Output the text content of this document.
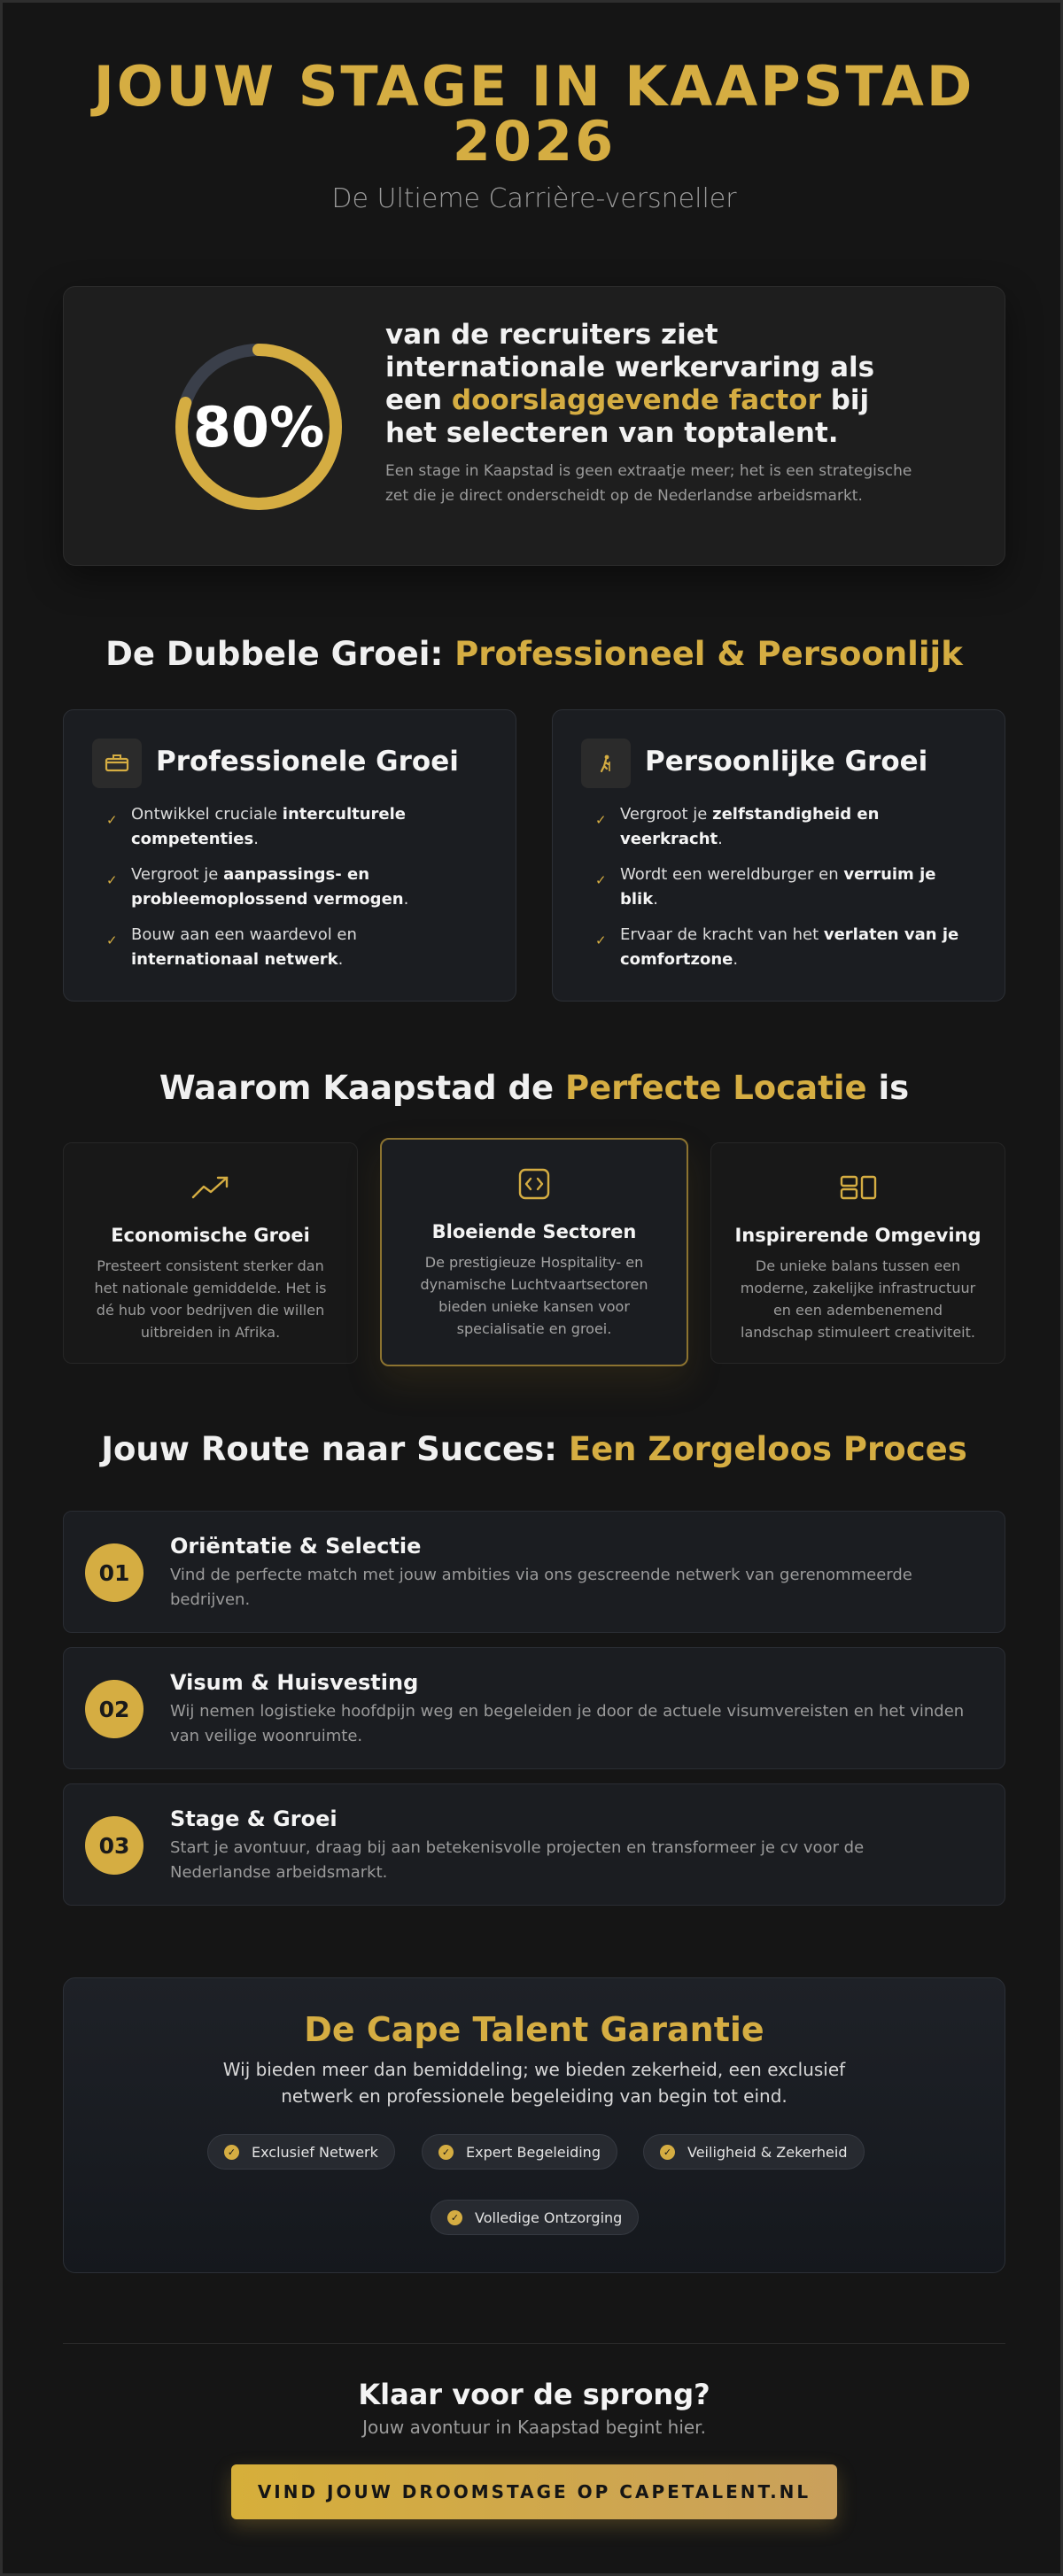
JOUW STAGE IN KAAPSTAD
2026
De Ultieme Carrière-versneller
80%
van de recruiters ziet internationale werkervaring als een doorslaggevende factor bij het selecteren van toptalent.
Een stage in Kaapstad is geen extraatje meer; het is een strategische zet die je direct onderscheidt op de Nederlandse arbeidsmarkt.
De Dubbele Groei: Professioneel & Persoonlijk
Professionele Groei
✓ Ontwikkel cruciale interculturele competenties.
✓ Vergroot je aanpassings- en probleemoplossend vermogen.
✓ Bouw aan een waardevol en internationaal netwerk.
Persoonlijke Groei
✓ Vergroot je zelfstandigheid en veerkracht.
✓ Wordt een wereldburger en verruim je blik.
✓ Ervaar de kracht van het verlaten van je comfortzone.
Waarom Kaapstad de Perfecte Locatie is
Economische Groei
Presteert consistent sterker dan het nationale gemiddelde. Het is dé hub voor bedrijven die willen uitbreiden in Afrika.
Bloeiende Sectoren
De prestigieuze Hospitality- en dynamische Luchtvaartsectoren bieden unieke kansen voor specialisatie en groei.
Inspirerende Omgeving
De unieke balans tussen een moderne, zakelijke infrastructuur en een adembenemend landschap stimuleert creativiteit.
Jouw Route naar Succes: Een Zorgeloos Proces
01
Oriëntatie & Selectie
Vind de perfecte match met jouw ambities via ons gescreende netwerk van gerenommeerde bedrijven.
02
Visum & Huisvesting
Wij nemen logistieke hoofdpijn weg en begeleiden je door de actuele visumvereisten en het vinden van veilige woonruimte.
03
Stage & Groei
Start je avontuur, draag bij aan betekenisvolle projecten en transformeer je cv voor de Nederlandse arbeidsmarkt.
De Cape Talent Garantie
Wij bieden meer dan bemiddeling; we bieden zekerheid, een exclusief netwerk en professionele begeleiding van begin tot eind.
✓ Exclusief Netwerk	✓ Expert Begeleiding	✓ Veiligheid & Zekerheid
✓ Volledige Ontzorging
Klaar voor de sprong?
Jouw avontuur in Kaapstad begint hier.
VIND JOUW DROOMSTAGE OP CAPETALENT.NL
